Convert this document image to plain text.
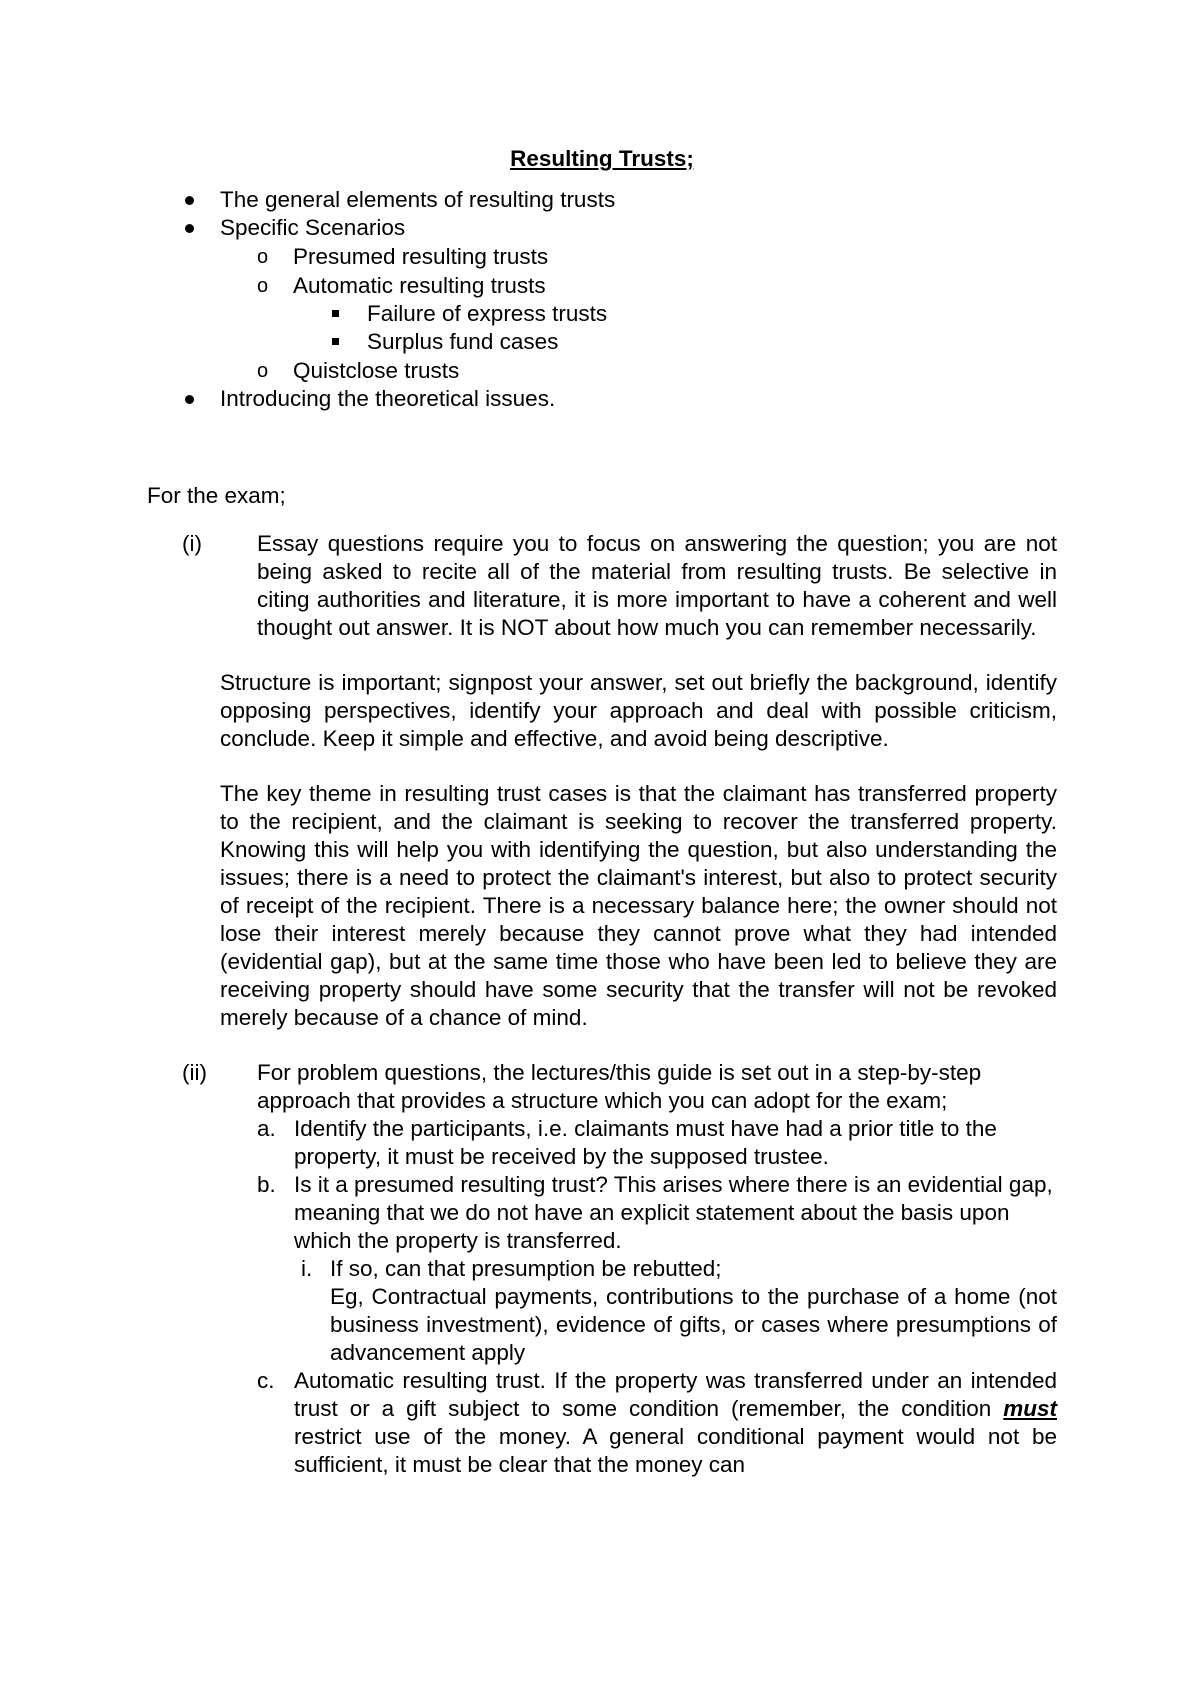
Resulting Trusts;
The general elements of resulting trusts
Specific Scenarios
o Presumed resulting trusts
o Automatic resulting trusts
Failure of express trusts
Surplus fund cases
o Quistclose trusts
Introducing the theoretical issues.
For the exam;
(i) Essay questions require you to focus on answering the question; you are not being asked to recite all of the material from resulting trusts. Be selective in citing authorities and literature, it is more important to have a coherent and well thought out answer. It is NOT about how much you can remember necessarily.

Structure is important; signpost your answer, set out briefly the background, identify opposing perspectives, identify your approach and deal with possible criticism, conclude. Keep it simple and effective, and avoid being descriptive.

The key theme in resulting trust cases is that the claimant has transferred property to the recipient, and the claimant is seeking to recover the transferred property. Knowing this will help you with identifying the question, but also understanding the issues; there is a need to protect the claimant's interest, but also to protect security of receipt of the recipient. There is a necessary balance here; the owner should not lose their interest merely because they cannot prove what they had intended (evidential gap), but at the same time those who have been led to believe they are receiving property should have some security that the transfer will not be revoked merely because of a chance of mind.

(ii) For problem questions, the lectures/this guide is set out in a step-by-step approach that provides a structure which you can adopt for the exam;

a. Identify the participants, i.e. claimants must have had a prior title to the property, it must be received by the supposed trustee.
b. Is it a presumed resulting trust? This arises where there is an evidential gap, meaning that we do not have an explicit statement about the basis upon which the property is transferred.
i. If so, can that presumption be rebutted;
Eg, Contractual payments, contributions to the purchase of a home (not business investment), evidence of gifts, or cases where presumptions of advancement apply
c. Automatic resulting trust. If the property was transferred under an intended trust or a gift subject to some condition (remember, the condition must restrict use of the money. A general conditional payment would not be sufficient, it must be clear that the money can
